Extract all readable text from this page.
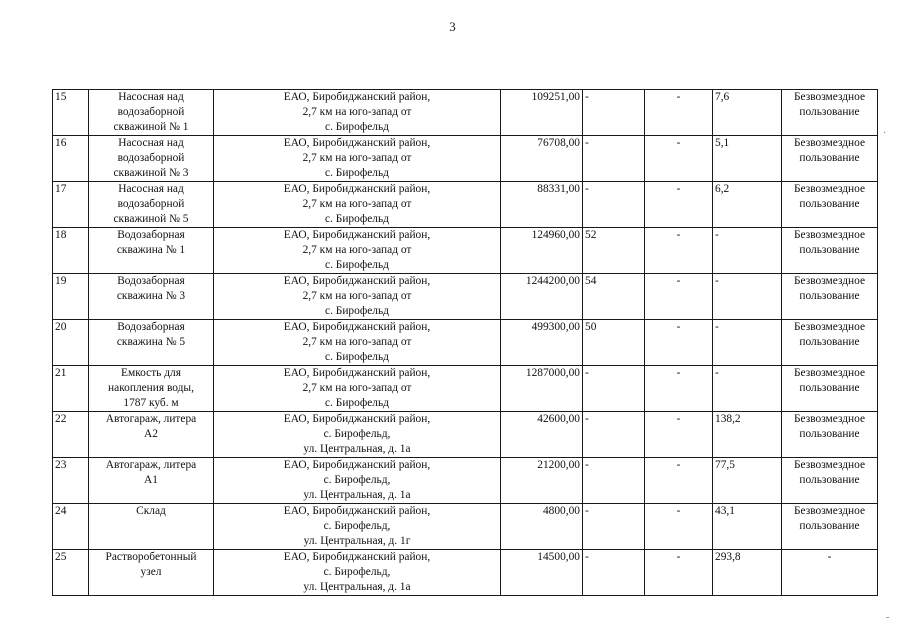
3
15	Насосная над
водозаборной
скважиной № 1	ЕАО, Биробиджанский район,
2,7 км на юго-запад от
с. Бирофельд	109251,00	-	-	7,6	Безвозмездное
пользование

16	Насосная над
водозаборной
скважиной № 3	ЕАО, Биробиджанский район,
2,7 км на юго-запад от
с. Бирофельд	76708,00	-	-	5,1	Безвозмездное
пользование

17	Насосная над
водозаборной
скважиной № 5	ЕАО, Биробиджанский район,
2,7 км на юго-запад от
с. Бирофельд	88331,00	-	-	6,2	Безвозмездное
пользование

18	Водозаборная
скважина № 1	ЕАО, Биробиджанский район,
2,7 км на юго-запад от
с. Бирофельд	124960,00	52	-	-	Безвозмездное
пользование

19	Водозаборная
скважина № 3	ЕАО, Биробиджанский район,
2,7 км на юго-запад от
с. Бирофельд	1244200,00	54	-	-	Безвозмездное
пользование

20	Водозаборная
скважина № 5	ЕАО, Биробиджанский район,
2,7 км на юго-запад от
с. Бирофельд	499300,00	50	-	-	Безвозмездное
пользование

21	Емкость для
накопления воды,
1787 куб. м	ЕАО, Биробиджанский район,
2,7 км на юго-запад от
с. Бирофельд	1287000,00	-	-	-	Безвозмездное
пользование

22	Автогараж, литера
А2	ЕАО, Биробиджанский район,
с. Бирофельд,
ул. Центральная, д. 1а	42600,00	-	-	138,2	Безвозмездное
пользование

23	Автогараж, литера
А1	ЕАО, Биробиджанский район,
с. Бирофельд,
ул. Центральная, д. 1а	21200,00	-	-	77,5	Безвозмездное
пользование

24	Склад	ЕАО, Биробиджанский район,
с. Бирофельд,
ул. Центральная, д. 1г	4800,00	-	-	43,1	Безвозмездное
пользование

25	Растворобетонный
узел	ЕАО, Биробиджанский район,
с. Бирофельд,
ул. Центральная, д. 1а	14500,00	-	-	293,8	-
·
-
